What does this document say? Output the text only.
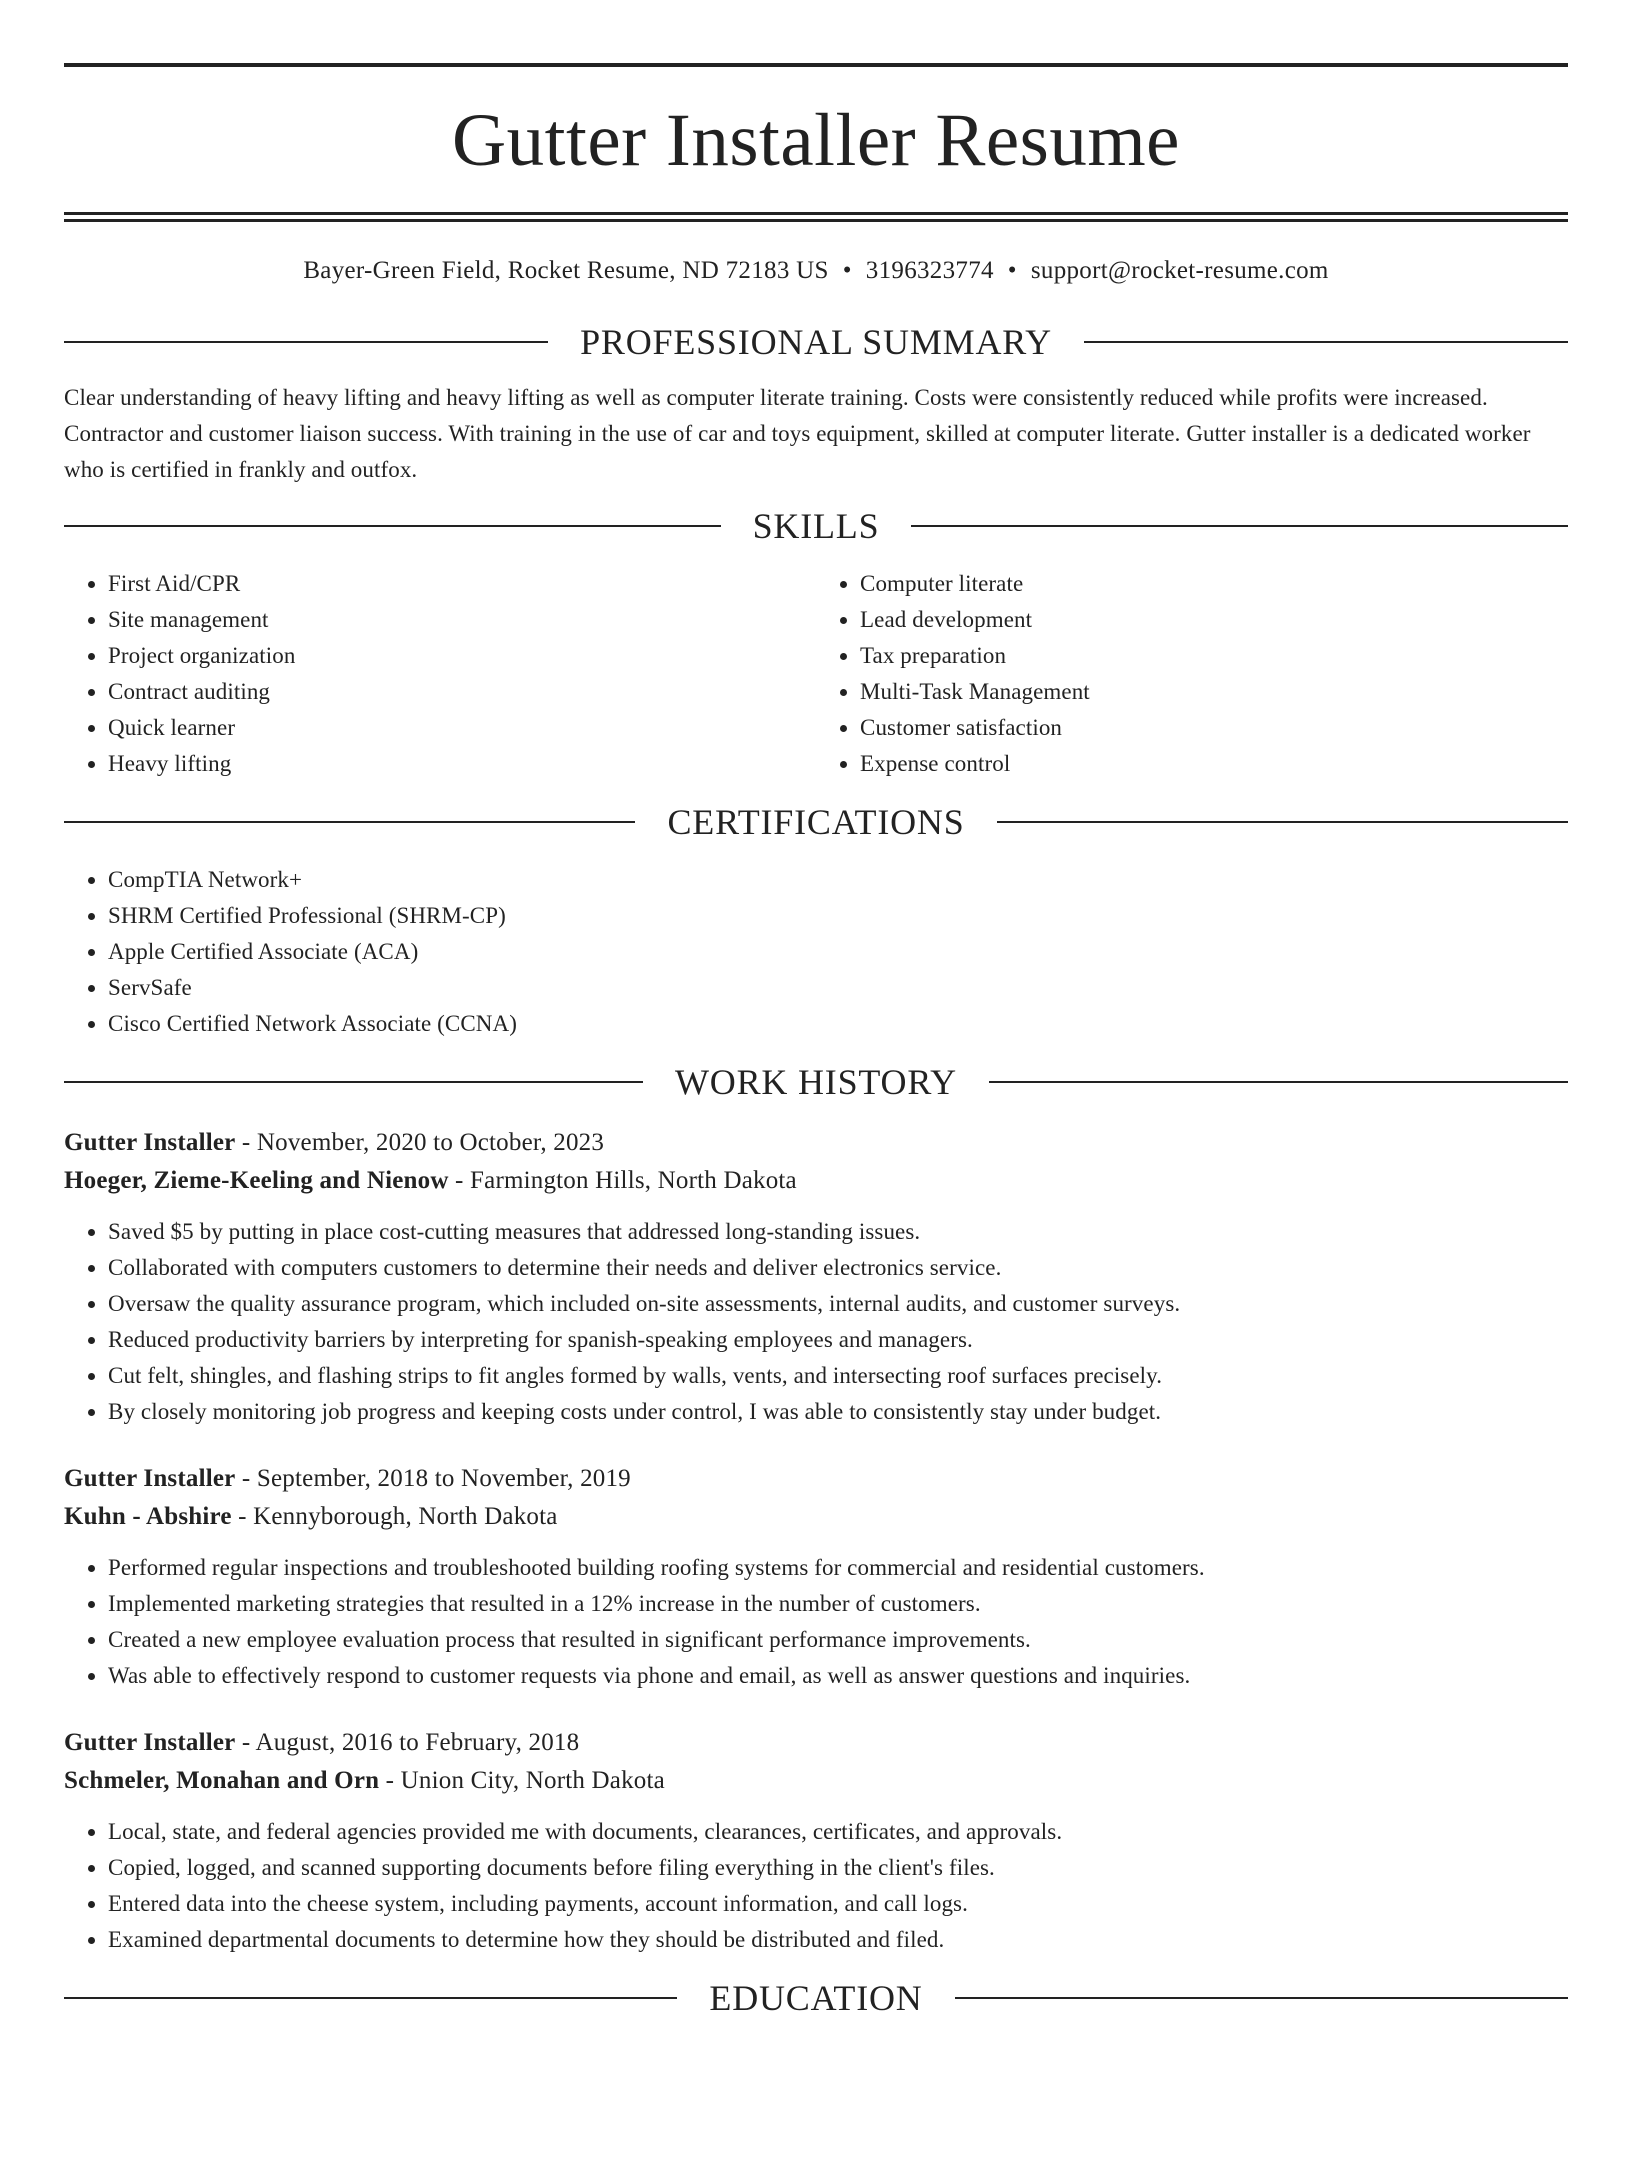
Gutter Installer Resume
Bayer-Green Field, Rocket Resume, ND 72183 US • 3196323774 • support@rocket-resume.com
PROFESSIONAL SUMMARY

Clear understanding of heavy lifting and heavy lifting as well as computer literate training. Costs were consistently reduced while profits were increased. Contractor and customer liaison success. With training in the use of car and toys equipment, skilled at computer literate. Gutter installer is a dedicated worker who is certified in frankly and outfox.

SKILLS
• First Aid/CPR
• Site management
• Project organization
• Contract auditing
• Quick learner
• Heavy lifting
• Computer literate
• Lead development
• Tax preparation
• Multi-Task Management
• Customer satisfaction
• Expense control
CERTIFICATIONS
• CompTIA Network+
• SHRM Certified Professional (SHRM-CP)
• Apple Certified Associate (ACA)
• ServSafe
• Cisco Certified Network Associate (CCNA)
WORK HISTORY
Gutter Installer - November, 2020 to October, 2023
Hoeger, Zieme-Keeling and Nienow - Farmington Hills, North Dakota
• Saved $5 by putting in place cost-cutting measures that addressed long-standing issues.
• Collaborated with computers customers to determine their needs and deliver electronics service.
• Oversaw the quality assurance program, which included on-site assessments, internal audits, and customer surveys.
• Reduced productivity barriers by interpreting for spanish-speaking employees and managers.
• Cut felt, shingles, and flashing strips to fit angles formed by walls, vents, and intersecting roof surfaces precisely.
• By closely monitoring job progress and keeping costs under control, I was able to consistently stay under budget.
Gutter Installer - September, 2018 to November, 2019
Kuhn - Abshire - Kennyborough, North Dakota
• Performed regular inspections and troubleshooted building roofing systems for commercial and residential customers.
• Implemented marketing strategies that resulted in a 12% increase in the number of customers.
• Created a new employee evaluation process that resulted in significant performance improvements.
• Was able to effectively respond to customer requests via phone and email, as well as answer questions and inquiries.
Gutter Installer - August, 2016 to February, 2018
Schmeler, Monahan and Orn - Union City, North Dakota
• Local, state, and federal agencies provided me with documents, clearances, certificates, and approvals.
• Copied, logged, and scanned supporting documents before filing everything in the client's files.
• Entered data into the cheese system, including payments, account information, and call logs.
• Examined departmental documents to determine how they should be distributed and filed.
EDUCATION
